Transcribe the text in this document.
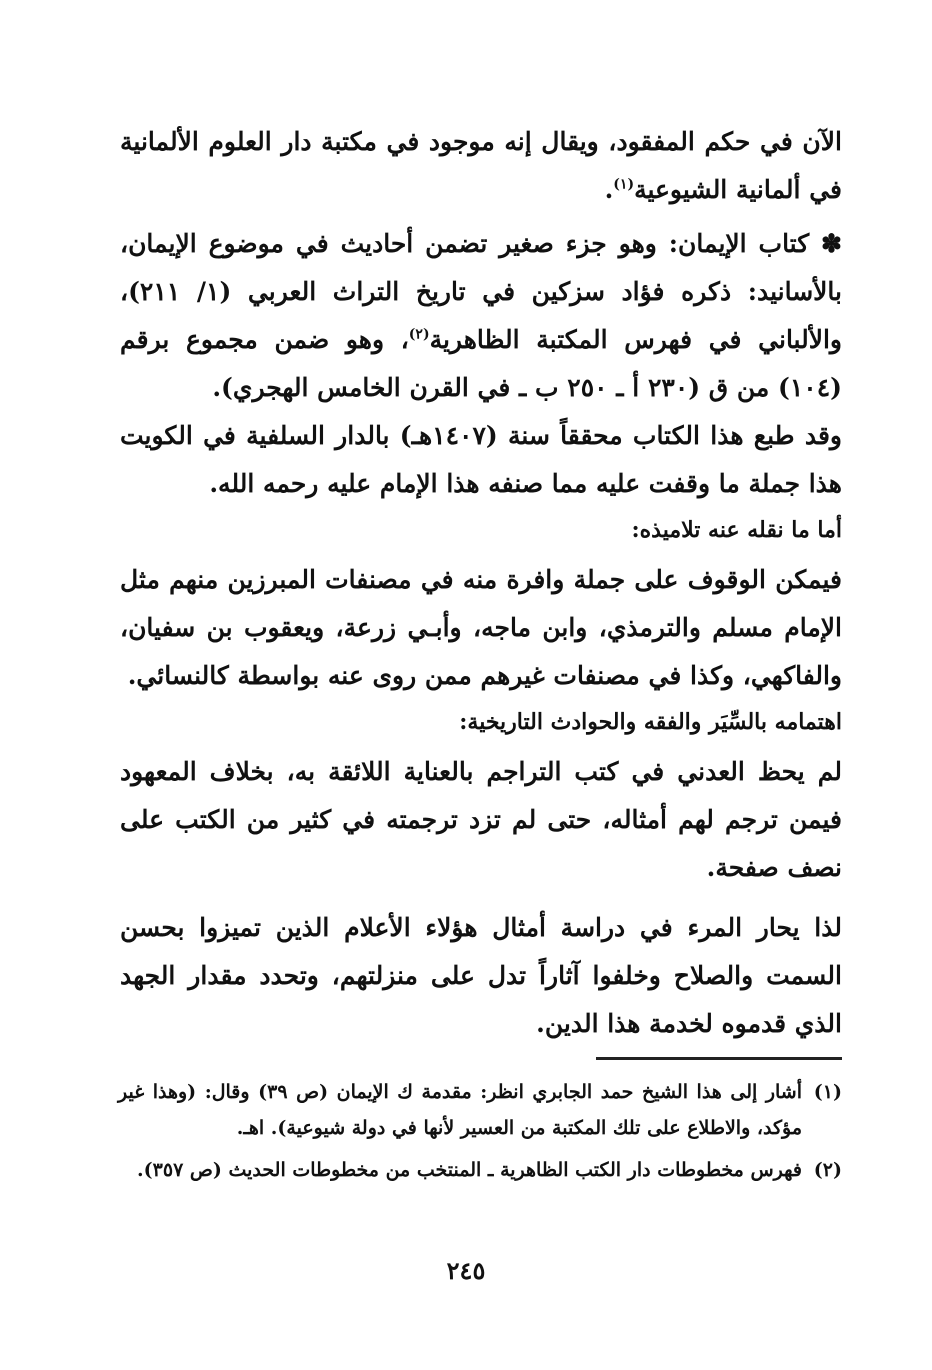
الآن في حكم المفقود، ويقال إنه موجود في مكتبة دار العلوم الألمانية في ألمانية الشيوعية$^{(١)}$.
✽ كتاب الإيمان: وهو جزء صغير تضمن أحاديث في موضوع الإيمان، بالأسانيد: ذكره فؤاد سزكين في تاريخ التراث العربي (١/ ٢١١)، والألباني في فهرس المكتبة الظاهرية$^{(٢)}$، وهو ضمن مجموع برقم (١٠٤) من ق (٢٣٠ أ ـ ٢٥٠ ب ـ في القرن الخامس الهجري).
وقد طبع هذا الكتاب محققاً سنة (١٤٠٧هـ) بالدار السلفية في الكويت هذا جملة ما وقفت عليه مما صنفه هذا الإمام عليه رحمه الله.
أما ما نقله عنه تلاميذه:
فيمكن الوقوف على جملة وافرة منه في مصنفات المبرزين منهم مثل الإمام مسلم والترمذي، وابن ماجه، وأبـي زرعة، ويعقوب بن سفيان، والفاكهي، وكذا في مصنفات غيرهم ممن روى عنه بواسطة كالنسائي.
اهتمامه بالسِّيَر والفقه والحوادث التاريخية:
لم يحظ العدني في كتب التراجم بالعناية اللائقة به، بخلاف المعهود فيمن ترجم لهم أمثاله، حتى لم تزد ترجمته في كثير من الكتب على نصف صفحة.
لذا يحار المرء في دراسة أمثال هؤلاء الأعلام الذين تميزوا بحسن السمت والصلاح وخلفوا آثاراً تدل على منزلتهم، وتحدد مقدار الجهد الذي قدموه لخدمة هذا الدين.
(١)
أشار إلى هذا الشيخ حمد الجابري انظر: مقدمة ك الإيمان (ص ٣٩) وقال: (وهذا غير مؤكد، والاطلاع على تلك المكتبة من العسير لأنها في دولة شيوعية). اهـ.
(٢)
فهرس مخطوطات دار الكتب الظاهرية ـ المنتخب من مخطوطات الحديث (ص ٣٥٧).
٢٤٥
